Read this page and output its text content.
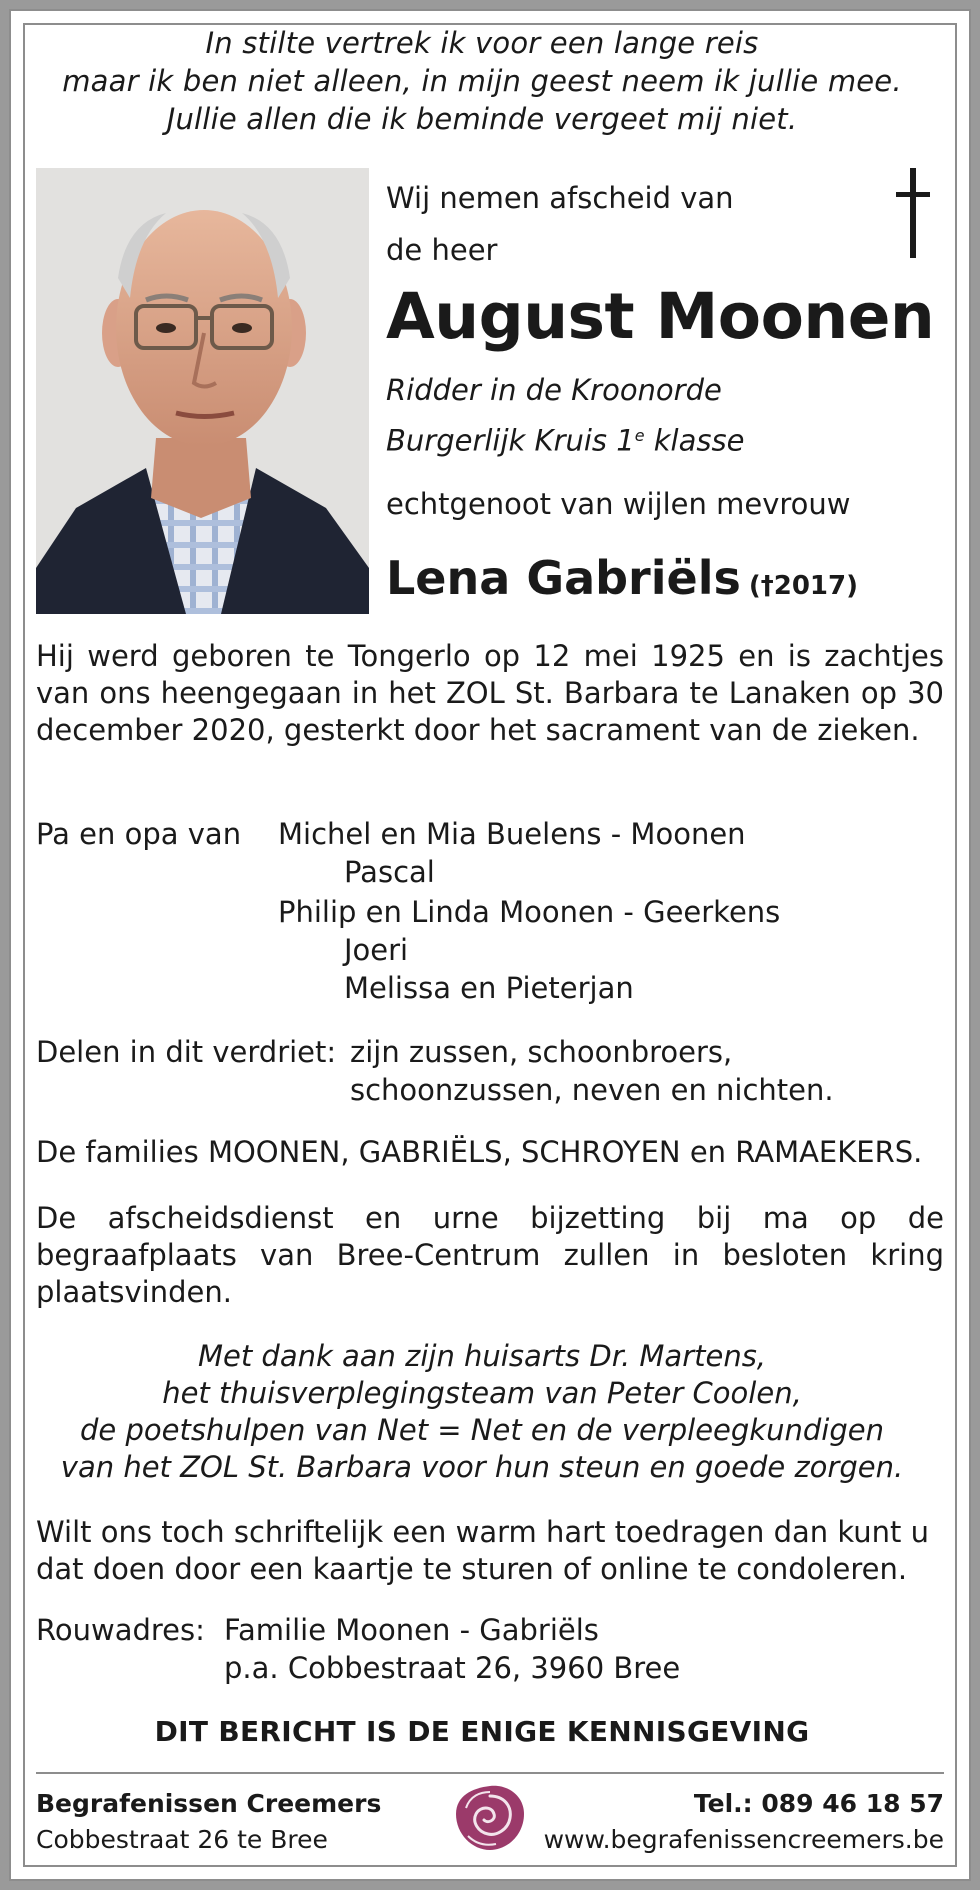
In stilte vertrek ik voor een lange reis
maar ik ben niet alleen, in mijn geest neem ik jullie mee.
Jullie allen die ik beminde vergeet mij niet.
Wij nemen afscheid van
de heer
August Moonen
Ridder in de Kroonorde
Burgerlijk Kruis 1e klasse
echtgenoot van wijlen mevrouw
Lena Gabriëls (†2017)
Hij werd geboren te Tongerlo op 12 mei 1925 en is zachtjes van ons heengegaan in het ZOL St. Barbara te Lanaken op 30 december 2020, gesterkt door het sacrament van de zieken.
Pa en opa van Michel en Mia Buelens - Moonen
Pascal
Philip en Linda Moonen - Geerkens
Joeri
Melissa en Pieterjan
Delen in dit verdriet: zijn zussen, schoonbroers,
schoonzussen, neven en nichten.
De families MOONEN, GABRIËLS, SCHROYEN en RAMAEKERS.
De afscheidsdienst en urne bijzetting bij ma op de begraafplaats van Bree-Centrum zullen in besloten kring plaatsvinden.
Met dank aan zijn huisarts Dr. Martens,
het thuisverplegingsteam van Peter Coolen,
de poetshulpen van Net = Net en de verpleegkundigen
van het ZOL St. Barbara voor hun steun en goede zorgen.
Wilt ons toch schriftelijk een warm hart toedragen dan kunt u dat doen door een kaartje te sturen of online te condoleren.
Rouwadres: Familie Moonen - Gabriëls
p.a. Cobbestraat 26, 3960 Bree
DIT BERICHT IS DE ENIGE KENNISGEVING
Begrafenissen Creemers
Cobbestraat 26 te Bree
Tel.: 089 46 18 57
www.begrafenissencreemers.be
